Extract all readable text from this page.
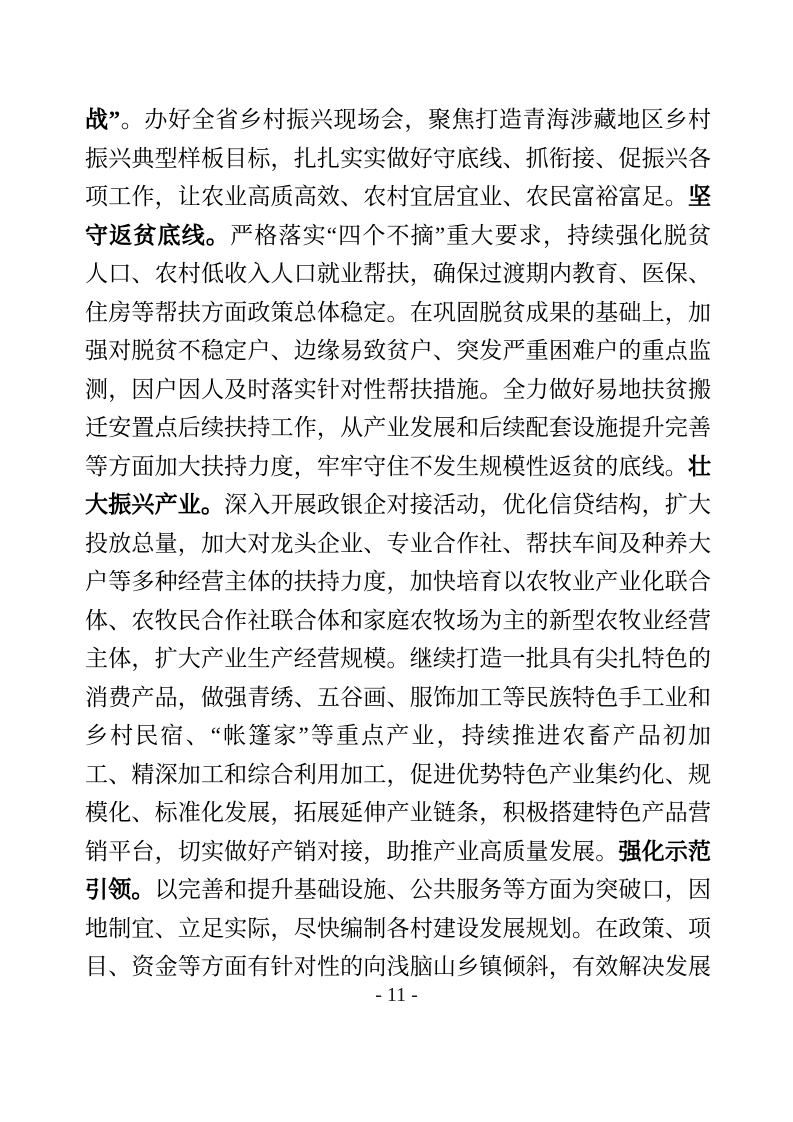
战”。办好全省乡村振兴现场会，聚焦打造青海涉藏地区乡村
振兴典型样板目标，扎扎实实做好守底线、抓衔接、促振兴各
项工作，让农业高质高效、农村宜居宜业、农民富裕富足。坚
守返贫底线。严格落实“四个不摘”重大要求，持续强化脱贫
人口、农村低收入人口就业帮扶，确保过渡期内教育、医保、
住房等帮扶方面政策总体稳定。在巩固脱贫成果的基础上，加
强对脱贫不稳定户、边缘易致贫户、突发严重困难户的重点监
测，因户因人及时落实针对性帮扶措施。全力做好易地扶贫搬
迁安置点后续扶持工作，从产业发展和后续配套设施提升完善
等方面加大扶持力度，牢牢守住不发生规模性返贫的底线。壮
大振兴产业。深入开展政银企对接活动，优化信贷结构，扩大
投放总量，加大对龙头企业、专业合作社、帮扶车间及种养大
户等多种经营主体的扶持力度，加快培育以农牧业产业化联合
体、农牧民合作社联合体和家庭农牧场为主的新型农牧业经营
主体，扩大产业生产经营规模。继续打造一批具有尖扎特色的
消费产品，做强青绣、五谷画、服饰加工等民族特色手工业和
乡村民宿、“帐篷家”等重点产业，持续推进农畜产品初加
工、精深加工和综合利用加工，促进优势特色产业集约化、规
模化、标准化发展，拓展延伸产业链条，积极搭建特色产品营
销平台，切实做好产销对接，助推产业高质量发展。强化示范
引领。以完善和提升基础设施、公共服务等方面为突破口，因
地制宜、立足实际，尽快编制各村建设发展规划。在政策、项
目、资金等方面有针对性的向浅脑山乡镇倾斜，有效解决发展
- 11 -
